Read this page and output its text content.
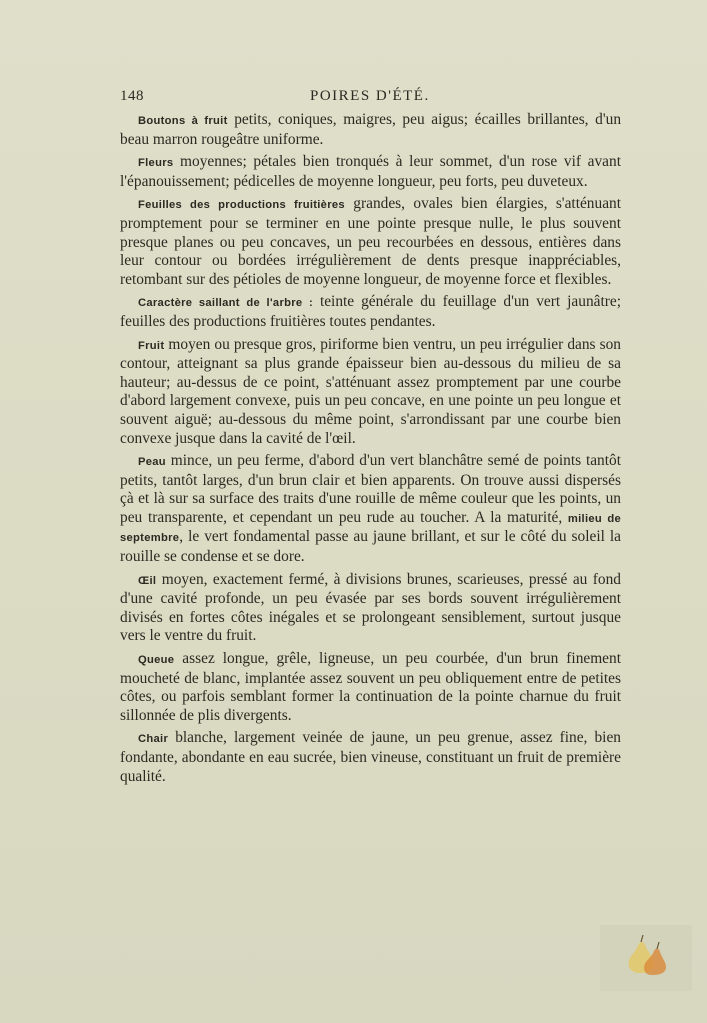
148	POIRES D'ÉTÉ.

Boutons à fruit petits, coniques, maigres, peu aigus; écailles brillantes, d'un beau marron rougeâtre uniforme.

Fleurs moyennes; pétales bien tronqués à leur sommet, d'un rose vif avant l'épanouissement; pédicelles de moyenne longueur, peu forts, peu duveteux.

Feuilles des productions fruitières grandes, ovales bien élargies, s'atténuant promptement pour se terminer en une pointe presque nulle, le plus souvent presque planes ou peu concaves, un peu recourbées en dessous, entières dans leur contour ou bordées irrégulièrement de dents presque inappréciables, retombant sur des pétioles de moyenne longueur, de moyenne force et flexibles.

Caractère saillant de l'arbre : teinte générale du feuillage d'un vert jaunâtre; feuilles des productions fruitières toutes pendantes.

Fruit moyen ou presque gros, piriforme bien ventru, un peu irrégulier dans son contour, atteignant sa plus grande épaisseur bien au-dessous du milieu de sa hauteur; au-dessus de ce point, s'atténuant assez promptement par une courbe d'abord largement convexe, puis un peu concave, en une pointe un peu longue et souvent aiguë; au-dessous du même point, s'arrondissant par une courbe bien convexe jusque dans la cavité de l'œil.

Peau mince, un peu ferme, d'abord d'un vert blanchâtre semé de points tantôt petits, tantôt larges, d'un brun clair et bien apparents. On trouve aussi dispersés çà et là sur sa surface des traits d'une rouille de même couleur que les points, un peu transparente, et cependant un peu rude au toucher. A la maturité, milieu de septembre, le vert fondamental passe au jaune brillant, et sur le côté du soleil la rouille se condense et se dore.

Œil moyen, exactement fermé, à divisions brunes, scarieuses, pressé au fond d'une cavité profonde, un peu évasée par ses bords souvent irrégulièrement divisés en fortes côtes inégales et se prolongeant sensiblement, surtout jusque vers le ventre du fruit.

Queue assez longue, grêle, ligneuse, un peu courbée, d'un brun finement moucheté de blanc, implantée assez souvent un peu obliquement entre de petites côtes, ou parfois semblant former la continuation de la pointe charnue du fruit sillonnée de plis divergents.

Chair blanche, largement veinée de jaune, un peu grenue, assez fine, bien fondante, abondante en eau sucrée, bien vineuse, constituant un fruit de première qualité.
